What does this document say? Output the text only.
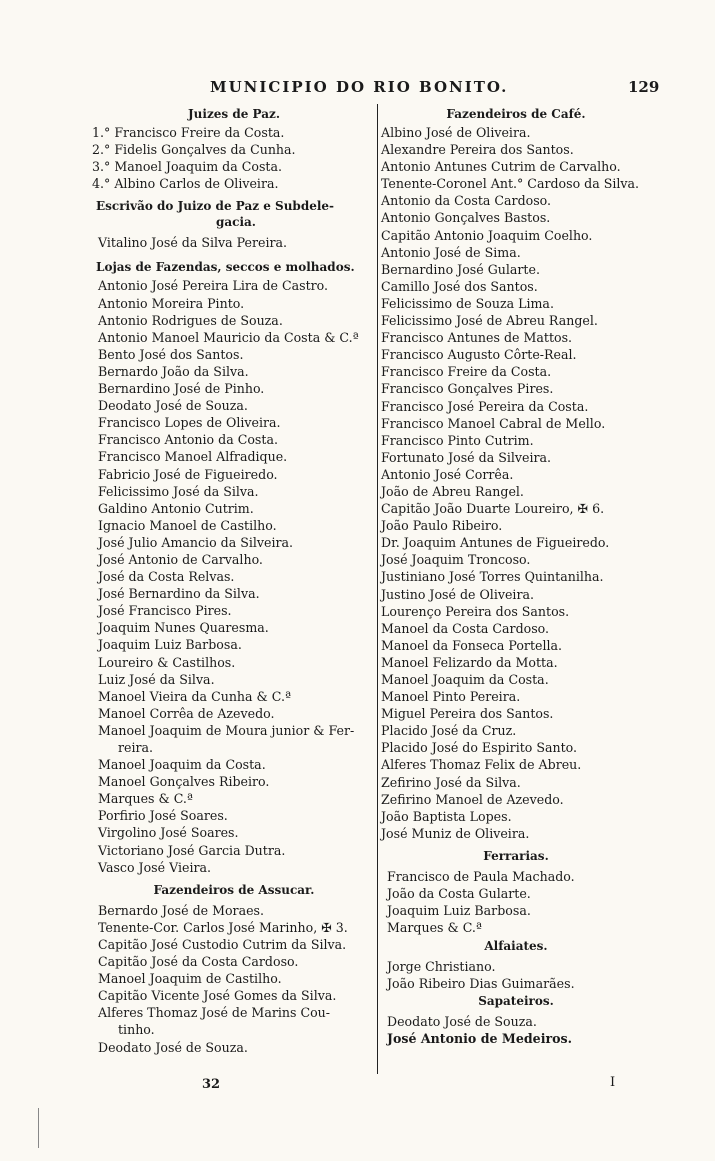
MUNICIPIO DO RIO BONITO.	129
Juizes de Paz.
1.° Francisco Freire da Costa.
2.° Fidelis Gonçalves da Cunha.
3.° Manoel Joaquim da Costa.
4.° Albino Carlos de Oliveira.
Escrivão do Juizo de Paz e Subdele-
gacia.
Vitalino José da Silva Pereira.
Lojas de Fazendas, seccos e molhados.
Antonio José Pereira Lira de Castro.
Antonio Moreira Pinto.
Antonio Rodrigues de Souza.
Antonio Manoel Mauricio da Costa & C.ª
Bento José dos Santos.
Bernardo João da Silva.
Bernardino José de Pinho.
Deodato José de Souza.
Francisco Lopes de Oliveira.
Francisco Antonio da Costa.
Francisco Manoel Alfradique.
Fabricio José de Figueiredo.
Felicissimo José da Silva.
Galdino Antonio Cutrim.
Ignacio Manoel de Castilho.
José Julio Amancio da Silveira.
José Antonio de Carvalho.
José da Costa Relvas.
José Bernardino da Silva.
José Francisco Pires.
Joaquim Nunes Quaresma.
Joaquim Luiz Barbosa.
Loureiro & Castilhos.
Luiz José da Silva.
Manoel Vieira da Cunha & C.ª
Manoel Corrêa de Azevedo.
Manoel Joaquim de Moura junior & Fer-
reira.
Manoel Joaquim da Costa.
Manoel Gonçalves Ribeiro.
Marques & C.ª
Porfirio José Soares.
Virgolino José Soares.
Victoriano José Garcia Dutra.
Vasco José Vieira.
Fazendeiros de Assucar.
Bernardo José de Moraes.
Tenente-Cor. Carlos José Marinho, ✠ 3.
Capitão José Custodio Cutrim da Silva.
Capitão José da Costa Cardoso.
Manoel Joaquim de Castilho.
Capitão Vicente José Gomes da Silva.
Alferes Thomaz José de Marins Cou-
tinho.
Deodato José de Souza.
Fazendeiros de Café.
Albino José de Oliveira.
Alexandre Pereira dos Santos.
Antonio Antunes Cutrim de Carvalho.
Tenente-Coronel Ant.° Cardoso da Silva.
Antonio da Costa Cardoso.
Antonio Gonçalves Bastos.
Capitão Antonio Joaquim Coelho.
Antonio José de Sima.
Bernardino José Gularte.
Camillo José dos Santos.
Felicissimo de Souza Lima.
Felicissimo José de Abreu Rangel.
Francisco Antunes de Mattos.
Francisco Augusto Côrte-Real.
Francisco Freire da Costa.
Francisco Gonçalves Pires.
Francisco José Pereira da Costa.
Francisco Manoel Cabral de Mello.
Francisco Pinto Cutrim.
Fortunato José da Silveira.
Antonio José Corrêa.
João de Abreu Rangel.
Capitão João Duarte Loureiro, ✠ 6.
João Paulo Ribeiro.
Dr. Joaquim Antunes de Figueiredo.
José Joaquim Troncoso.
Justiniano José Torres Quintanilha.
Justino José de Oliveira.
Lourenço Pereira dos Santos.
Manoel da Costa Cardoso.
Manoel da Fonseca Portella.
Manoel Felizardo da Motta.
Manoel Joaquim da Costa.
Manoel Pinto Pereira.
Miguel Pereira dos Santos.
Placido José da Cruz.
Placido José do Espirito Santo.
Alferes Thomaz Felix de Abreu.
Zefirino José da Silva.
Zefirino Manoel de Azevedo.
João Baptista Lopes.
José Muniz de Oliveira.
Ferrarias.
Francisco de Paula Machado.
João da Costa Gularte.
Joaquim Luiz Barbosa.
Marques & C.ª
Alfaiates.
Jorge Christiano.
João Ribeiro Dias Guimarães.
Sapateiros.
Deodato José de Souza.
José Antonio de Medeiros.
32	I
